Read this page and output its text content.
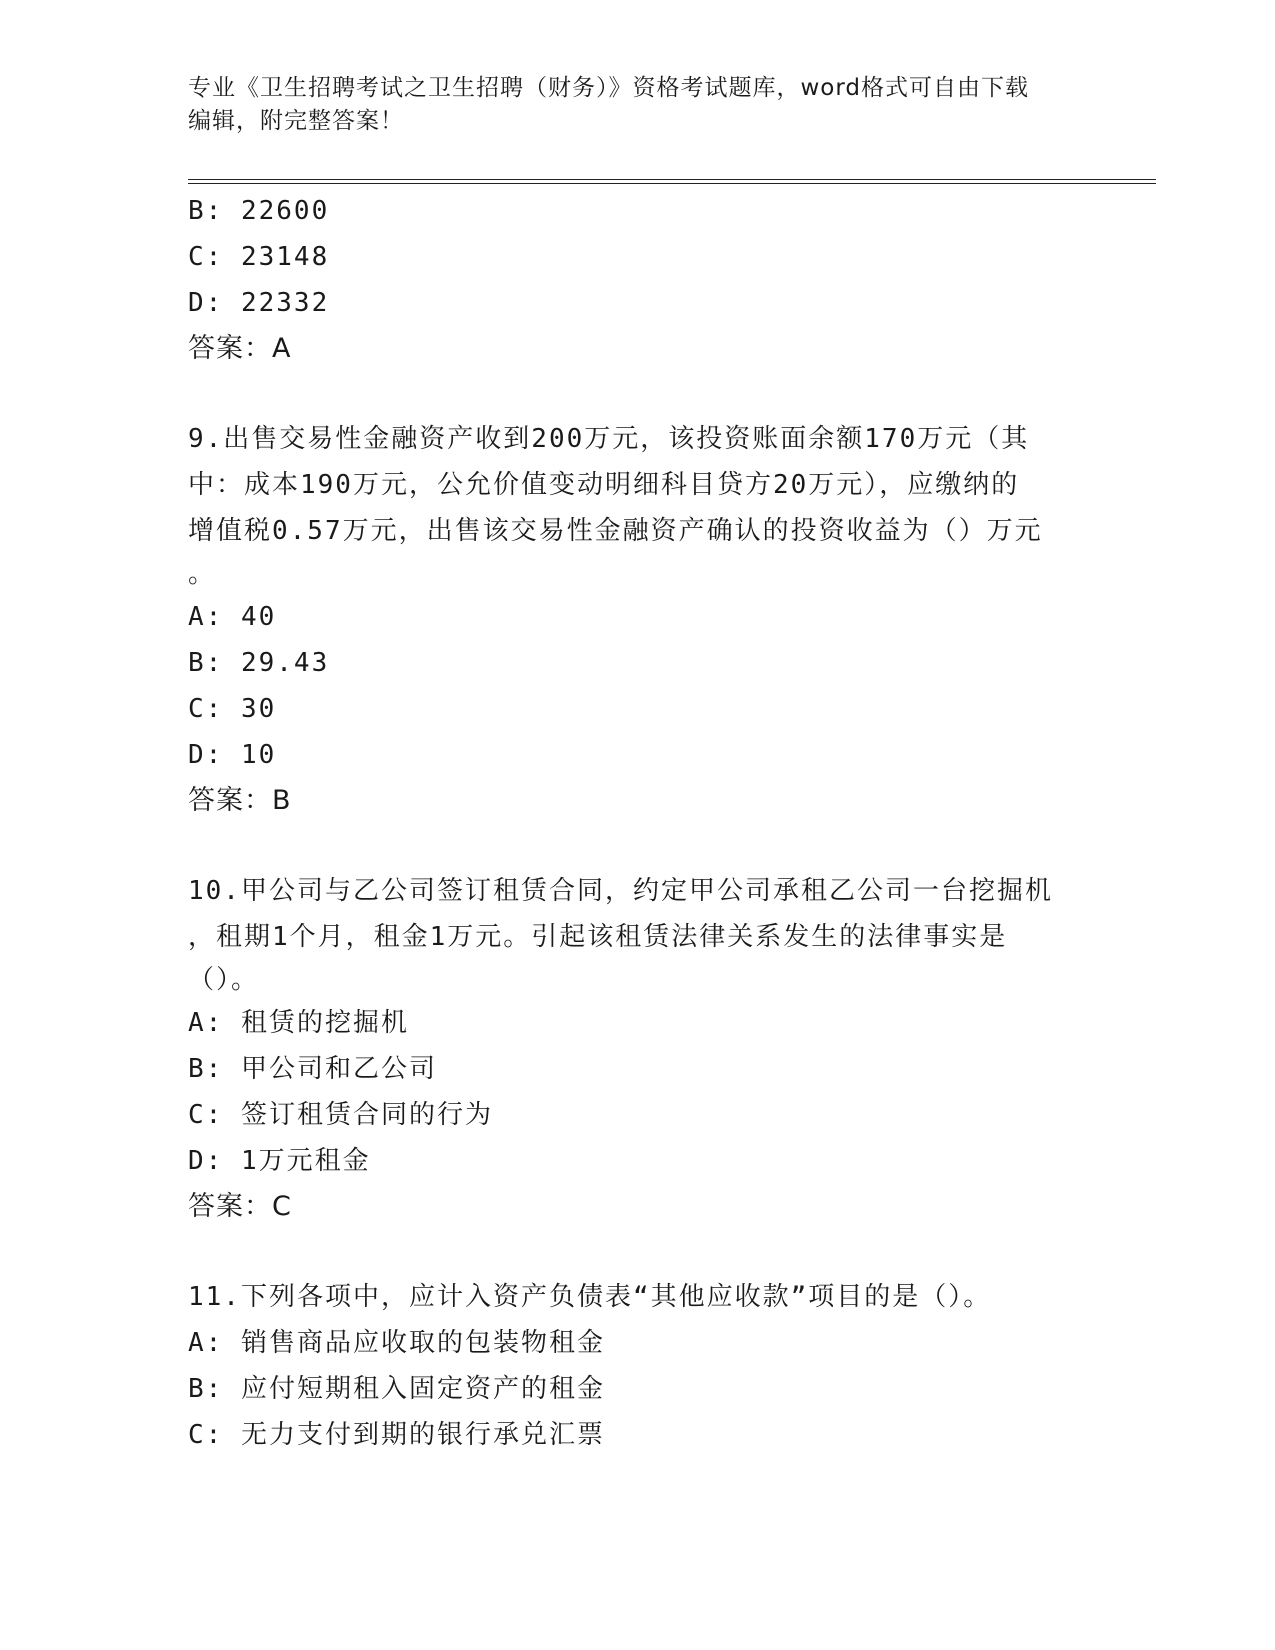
专业《卫生招聘考试之卫生招聘（财务）》资格考试题库，word格式可自由下载
编辑，附完整答案！
B: 22600
C: 23148
D: 22332
答案：A
9.出售交易性金融资产收到200万元，该投资账面余额170万元（其
中：成本190万元，公允价值变动明细科目贷方20万元），应缴纳的
增值税0.57万元，出售该交易性金融资产确认的投资收益为（）万元
。
A: 40
B: 29.43
C: 30
D: 10
答案：B
10.甲公司与乙公司签订租赁合同，约定甲公司承租乙公司一台挖掘机
，租期1个月，租金1万元。引起该租赁法律关系发生的法律事实是
（）。
A: 租赁的挖掘机
B: 甲公司和乙公司
C: 签订租赁合同的行为
D: 1万元租金
答案：C
11.下列各项中，应计入资产负债表“其他应收款”项目的是（）。
A: 销售商品应收取的包装物租金
B: 应付短期租入固定资产的租金
C: 无力支付到期的银行承兑汇票
